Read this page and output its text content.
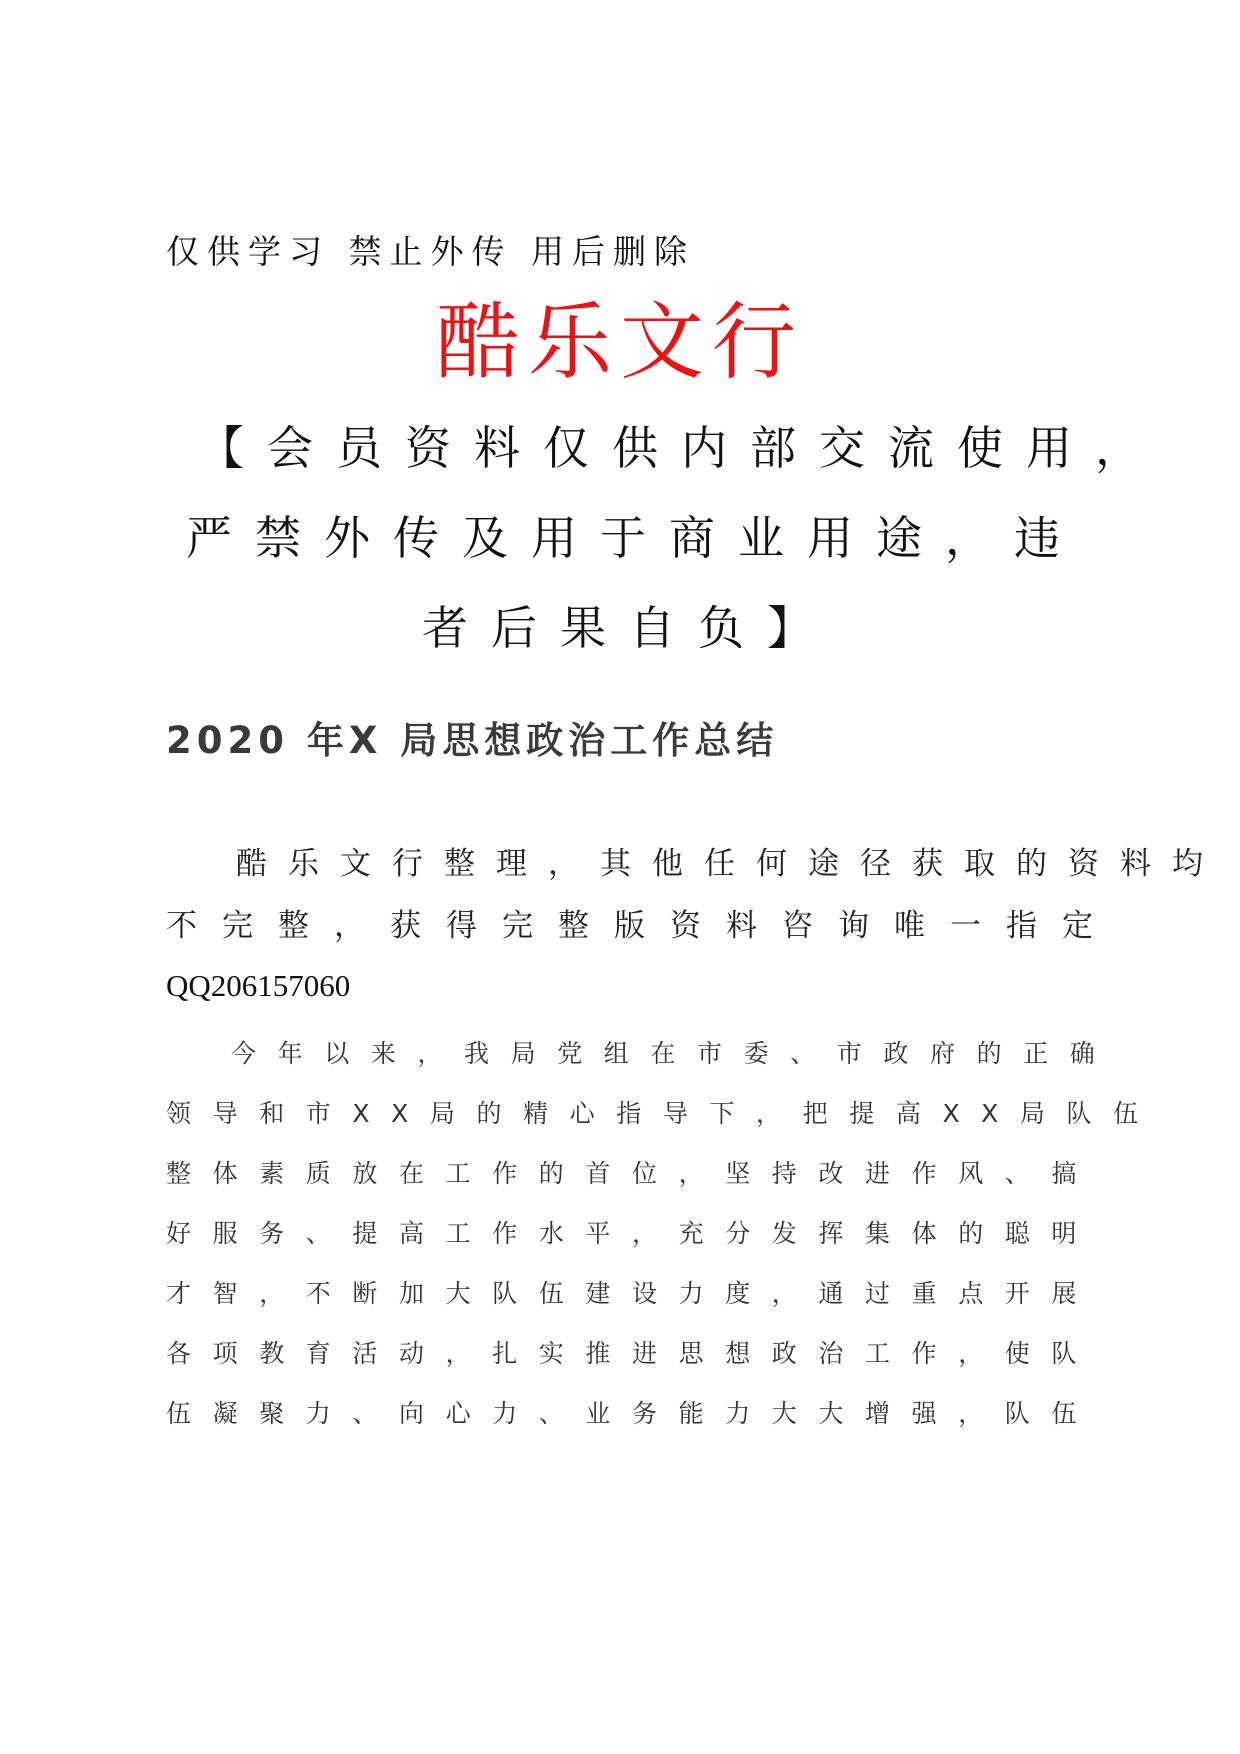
仅供学习 禁止外传 用后删除
酷乐文行
【会员资料仅供内部交流使用，
严禁外传及用于商业用途，违
者后果自负】
2020 年X 局思想政治工作总结
酷乐文行整理，其他任何途径获取的资料均
不完整，获得完整版资料咨询唯一指定
QQ206157060
今年以来，我局党组在市委、市政府的正确
领导和市XX局的精心指导下，把提高XX局队伍
整体素质放在工作的首位，坚持改进作风、搞
好服务、提高工作水平，充分发挥集体的聪明
才智，不断加大队伍建设力度，通过重点开展
各项教育活动，扎实推进思想政治工作，使队
伍凝聚力、向心力、业务能力大大增强，队伍
